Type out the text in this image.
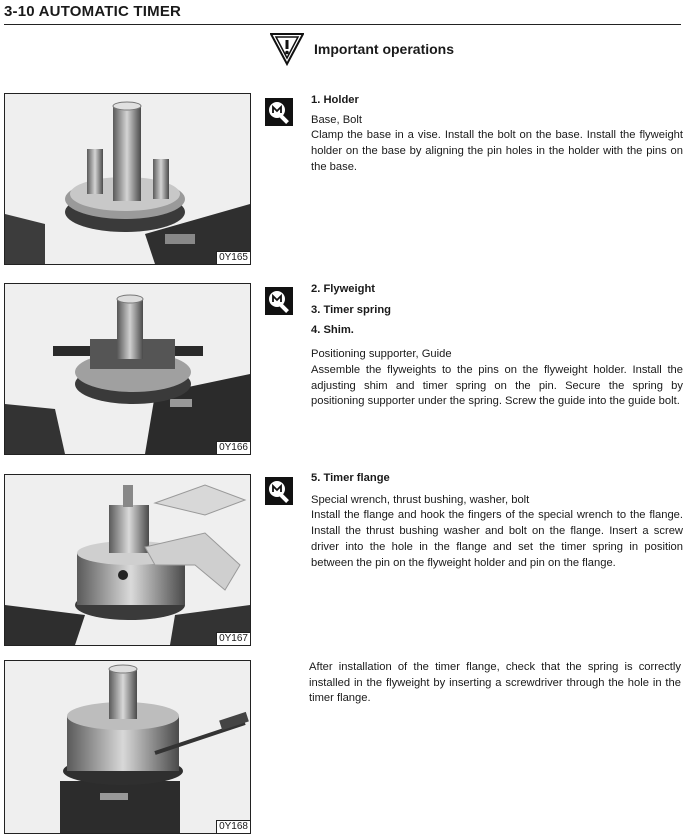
3-10 AUTOMATIC TIMER
Important operations
0Y165
0Y166
0Y167
0Y168

1. Holder

Base, Bolt

Clamp the base in a vise. Install the bolt on the base. Install the flyweight holder on the base by aligning the pin holes in the holder with the pins on the base.

2. Flyweight

3. Timer spring

4. Shim.

Positioning supporter, Guide

Assemble the flyweights to the pins on the flyweight holder. Install the adjusting shim and timer spring on the pin. Secure the spring by positioning supporter under the spring. Screw the guide into the guide bolt.

5. Timer flange

Special wrench, thrust bushing, washer, bolt

Install the flange and hook the fingers of the special wrench to the flange. Install the thrust bushing washer and bolt on the flange. Insert a screw driver into the hole in the flange and set the timer spring in position between the pin on the flyweight holder and pin on the flange.

After installation of the timer flange, check that the spring is correctly installed in the flyweight by inserting a screwdriver through the hole in the timer flange.
